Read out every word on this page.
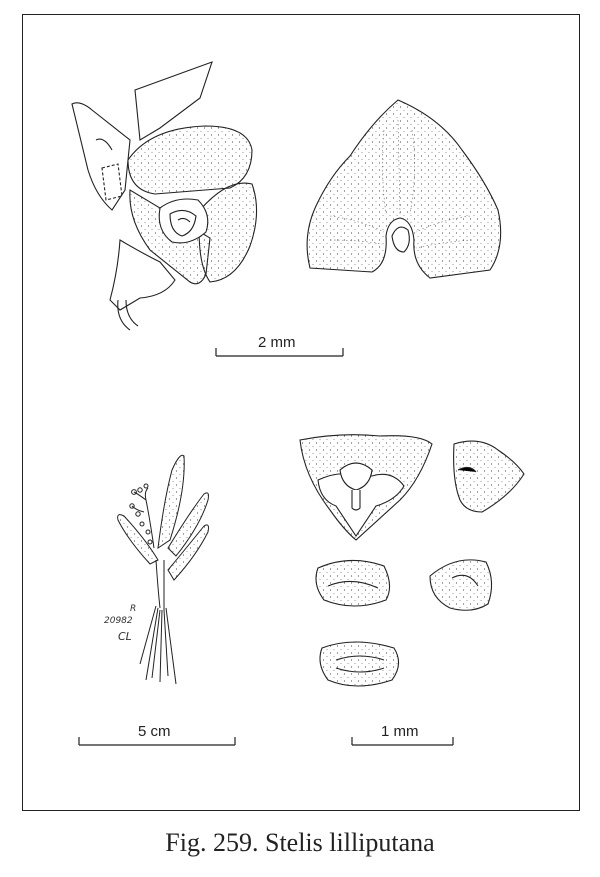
2 mm
5 cm	1 mm
20982
R
CL
Fig. 259. Stelis lilliputana
